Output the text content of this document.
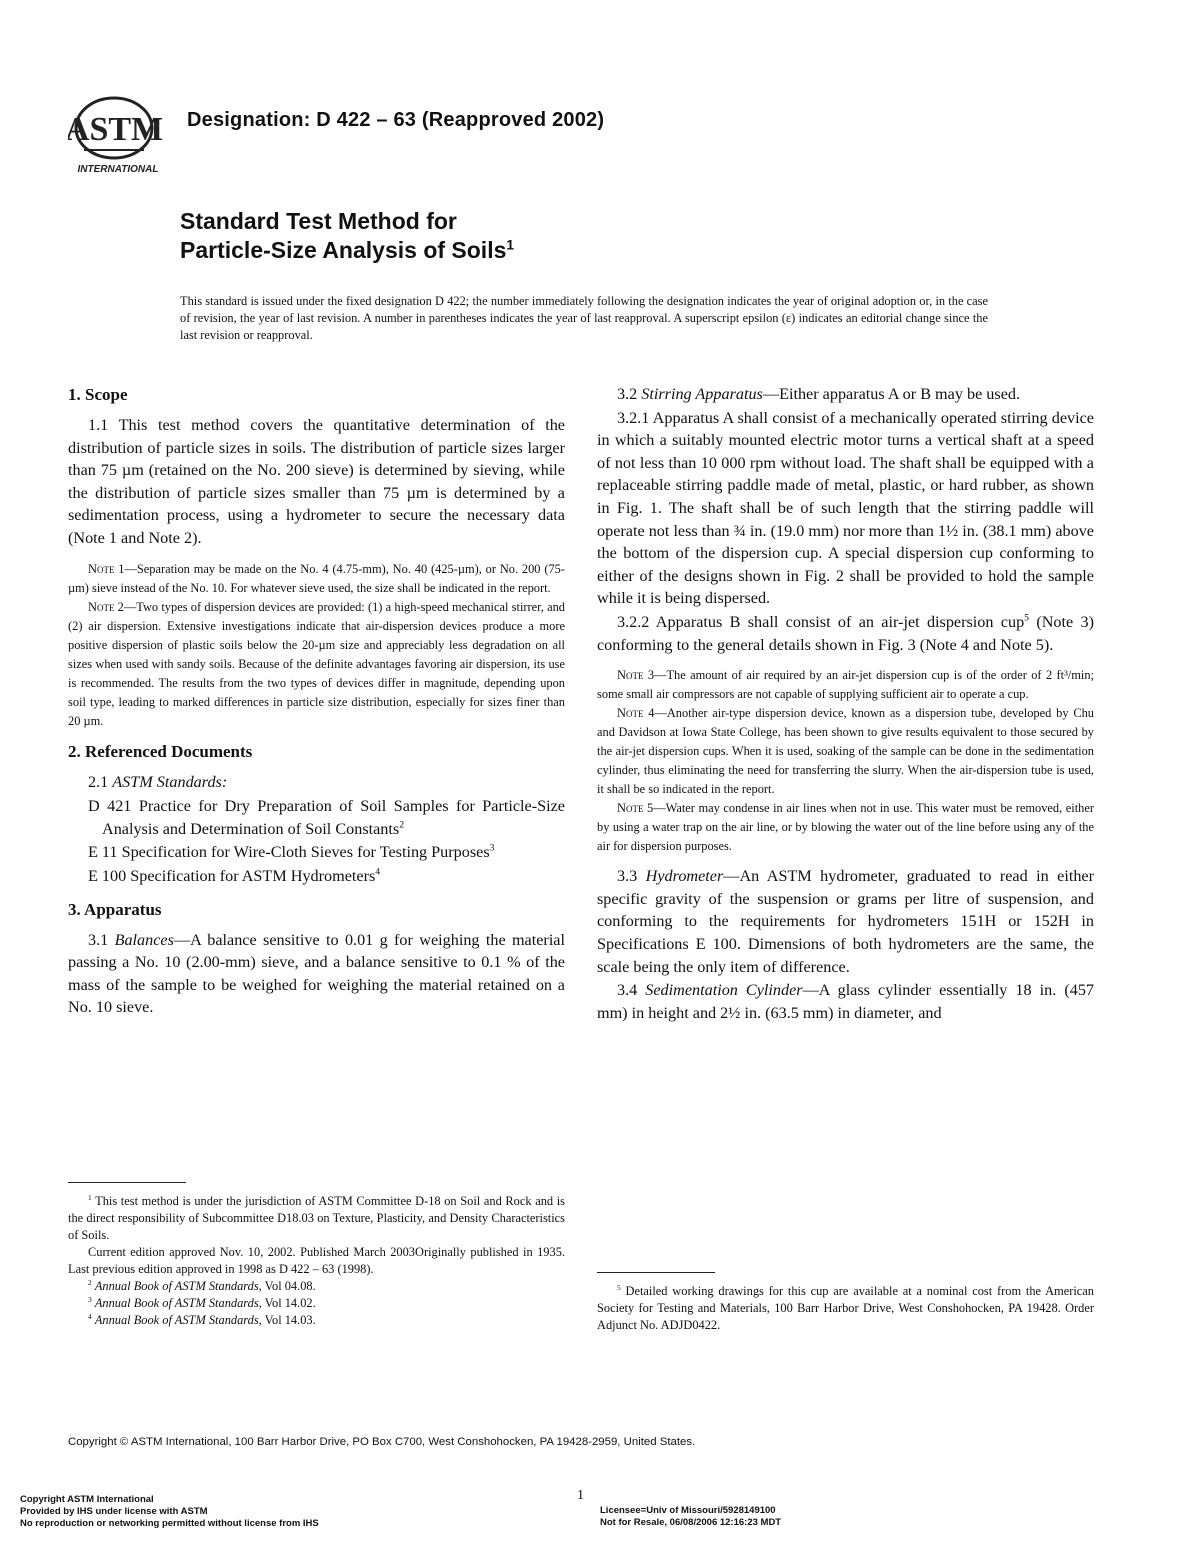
ASTM
INTERNATIONAL
Designation: D 422 – 63 (Reapproved 2002)
Standard Test Method for
Particle-Size Analysis of Soils$^1$
This standard is issued under the fixed designation D 422; the number immediately following the designation indicates the year of original adoption or, in the case of revision, the year of last revision. A number in parentheses indicates the year of last reapproval. A superscript epsilon (ε) indicates an editorial change since the last revision or reapproval.
1. Scope

1.1 This test method covers the quantitative determination of the distribution of particle sizes in soils. The distribution of particle sizes larger than 75 µm (retained on the No. 200 sieve) is determined by sieving, while the distribution of particle sizes smaller than 75 µm is determined by a sedimentation process, using a hydrometer to secure the necessary data (Note 1 and Note 2).

Note 1—Separation may be made on the No. 4 (4.75-mm), No. 40 (425-µm), or No. 200 (75-µm) sieve instead of the No. 10. For whatever sieve used, the size shall be indicated in the report.

Note 2—Two types of dispersion devices are provided: (1) a high-speed mechanical stirrer, and (2) air dispersion. Extensive investigations indicate that air-dispersion devices produce a more positive dispersion of plastic soils below the 20-µm size and appreciably less degradation on all sizes when used with sandy soils. Because of the definite advantages favoring air dispersion, its use is recommended. The results from the two types of devices differ in magnitude, depending upon soil type, leading to marked differences in particle size distribution, especially for sizes finer than 20 µm.

2. Referenced Documents

2.1 ASTM Standards:

D 421 Practice for Dry Preparation of Soil Samples for Particle-Size Analysis and Determination of Soil Constants$^2$

E 11 Specification for Wire-Cloth Sieves for Testing Purposes$^3$

E 100 Specification for ASTM Hydrometers$^4$

3. Apparatus

3.1 Balances—A balance sensitive to 0.01 g for weighing the material passing a No. 10 (2.00-mm) sieve, and a balance sensitive to 0.1 % of the mass of the sample to be weighed for weighing the material retained on a No. 10 sieve.

3.2 Stirring Apparatus—Either apparatus A or B may be used.

3.2.1 Apparatus A shall consist of a mechanically operated stirring device in which a suitably mounted electric motor turns a vertical shaft at a speed of not less than 10 000 rpm without load. The shaft shall be equipped with a replaceable stirring paddle made of metal, plastic, or hard rubber, as shown in Fig. 1. The shaft shall be of such length that the stirring paddle will operate not less than ¾ in. (19.0 mm) nor more than 1½ in. (38.1 mm) above the bottom of the dispersion cup. A special dispersion cup conforming to either of the designs shown in Fig. 2 shall be provided to hold the sample while it is being dispersed.

3.2.2 Apparatus B shall consist of an air-jet dispersion cup$^5$ (Note 3) conforming to the general details shown in Fig. 3 (Note 4 and Note 5).

Note 3—The amount of air required by an air-jet dispersion cup is of the order of 2 ft³/min; some small air compressors are not capable of supplying sufficient air to operate a cup.

Note 4—Another air-type dispersion device, known as a dispersion tube, developed by Chu and Davidson at Iowa State College, has been shown to give results equivalent to those secured by the air-jet dispersion cups. When it is used, soaking of the sample can be done in the sedimentation cylinder, thus eliminating the need for transferring the slurry. When the air-dispersion tube is used, it shall be so indicated in the report.

Note 5—Water may condense in air lines when not in use. This water must be removed, either by using a water trap on the air line, or by blowing the water out of the line before using any of the air for dispersion purposes.

3.3 Hydrometer—An ASTM hydrometer, graduated to read in either specific gravity of the suspension or grams per litre of suspension, and conforming to the requirements for hydrometers 151H or 152H in Specifications E 100. Dimensions of both hydrometers are the same, the scale being the only item of difference.

3.4 Sedimentation Cylinder—A glass cylinder essentially 18 in. (457 mm) in height and 2½ in. (63.5 mm) in diameter, and

$^1$ This test method is under the jurisdiction of ASTM Committee D-18 on Soil and Rock and is the direct responsibility of Subcommittee D18.03 on Texture, Plasticity, and Density Characteristics of Soils.

Current edition approved Nov. 10, 2002. Published March 2003Originally published in 1935. Last previous edition approved in 1998 as D 422 – 63 (1998).

$^2$ Annual Book of ASTM Standards, Vol 04.08.

$^3$ Annual Book of ASTM Standards, Vol 14.02.

$^4$ Annual Book of ASTM Standards, Vol 14.03.

$^5$ Detailed working drawings for this cup are available at a nominal cost from the American Society for Testing and Materials, 100 Barr Harbor Drive, West Conshohocken, PA 19428. Order Adjunct No. ADJD0422.

Copyright © ASTM International, 100 Barr Harbor Drive, PO Box C700, West Conshohocken, PA 19428-2959, United States.
Copyright ASTM International
Provided by IHS under license with ASTM
No reproduction or networking permitted without license from IHS
1
Licensee=Univ of Missouri/5928149100
Not for Resale, 06/08/2006 12:16:23 MDT
